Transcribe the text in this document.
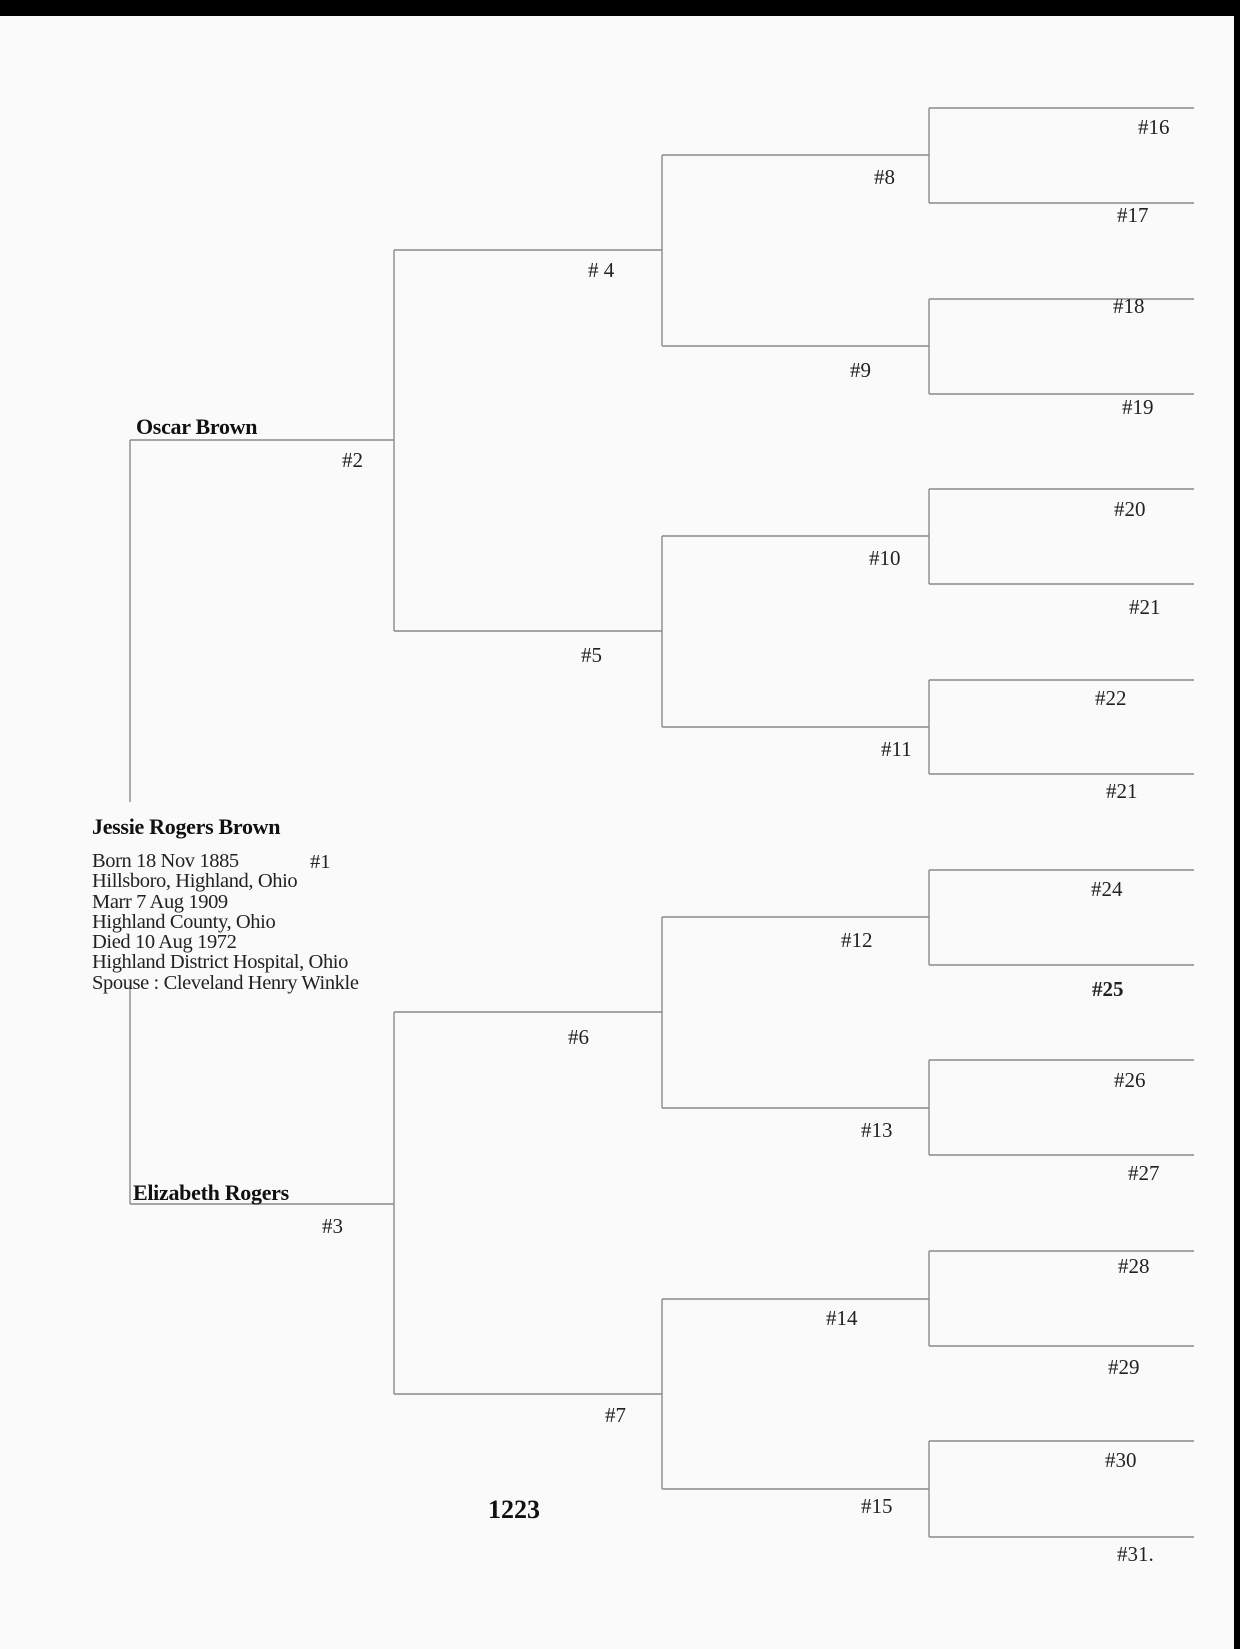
Oscar Brown
#2
Jessie Rogers Brown
Born 18 Nov 1885
Hillsboro, Highland, Ohio
Marr 7 Aug 1909
Highland County, Ohio
Died 10 Aug 1972
Highland District Hospital, Ohio
Spouse : Cleveland Henry Winkle
#1
Elizabeth Rogers
#3
# 4
#5
#6
#7
#8
#9
#10
#11
#12
#13
#14
#15
#16
#17
#18
#19
#20
#21
#22
#21
#24
#25
#26
#27
#28
#29
#30
#31.
1223
